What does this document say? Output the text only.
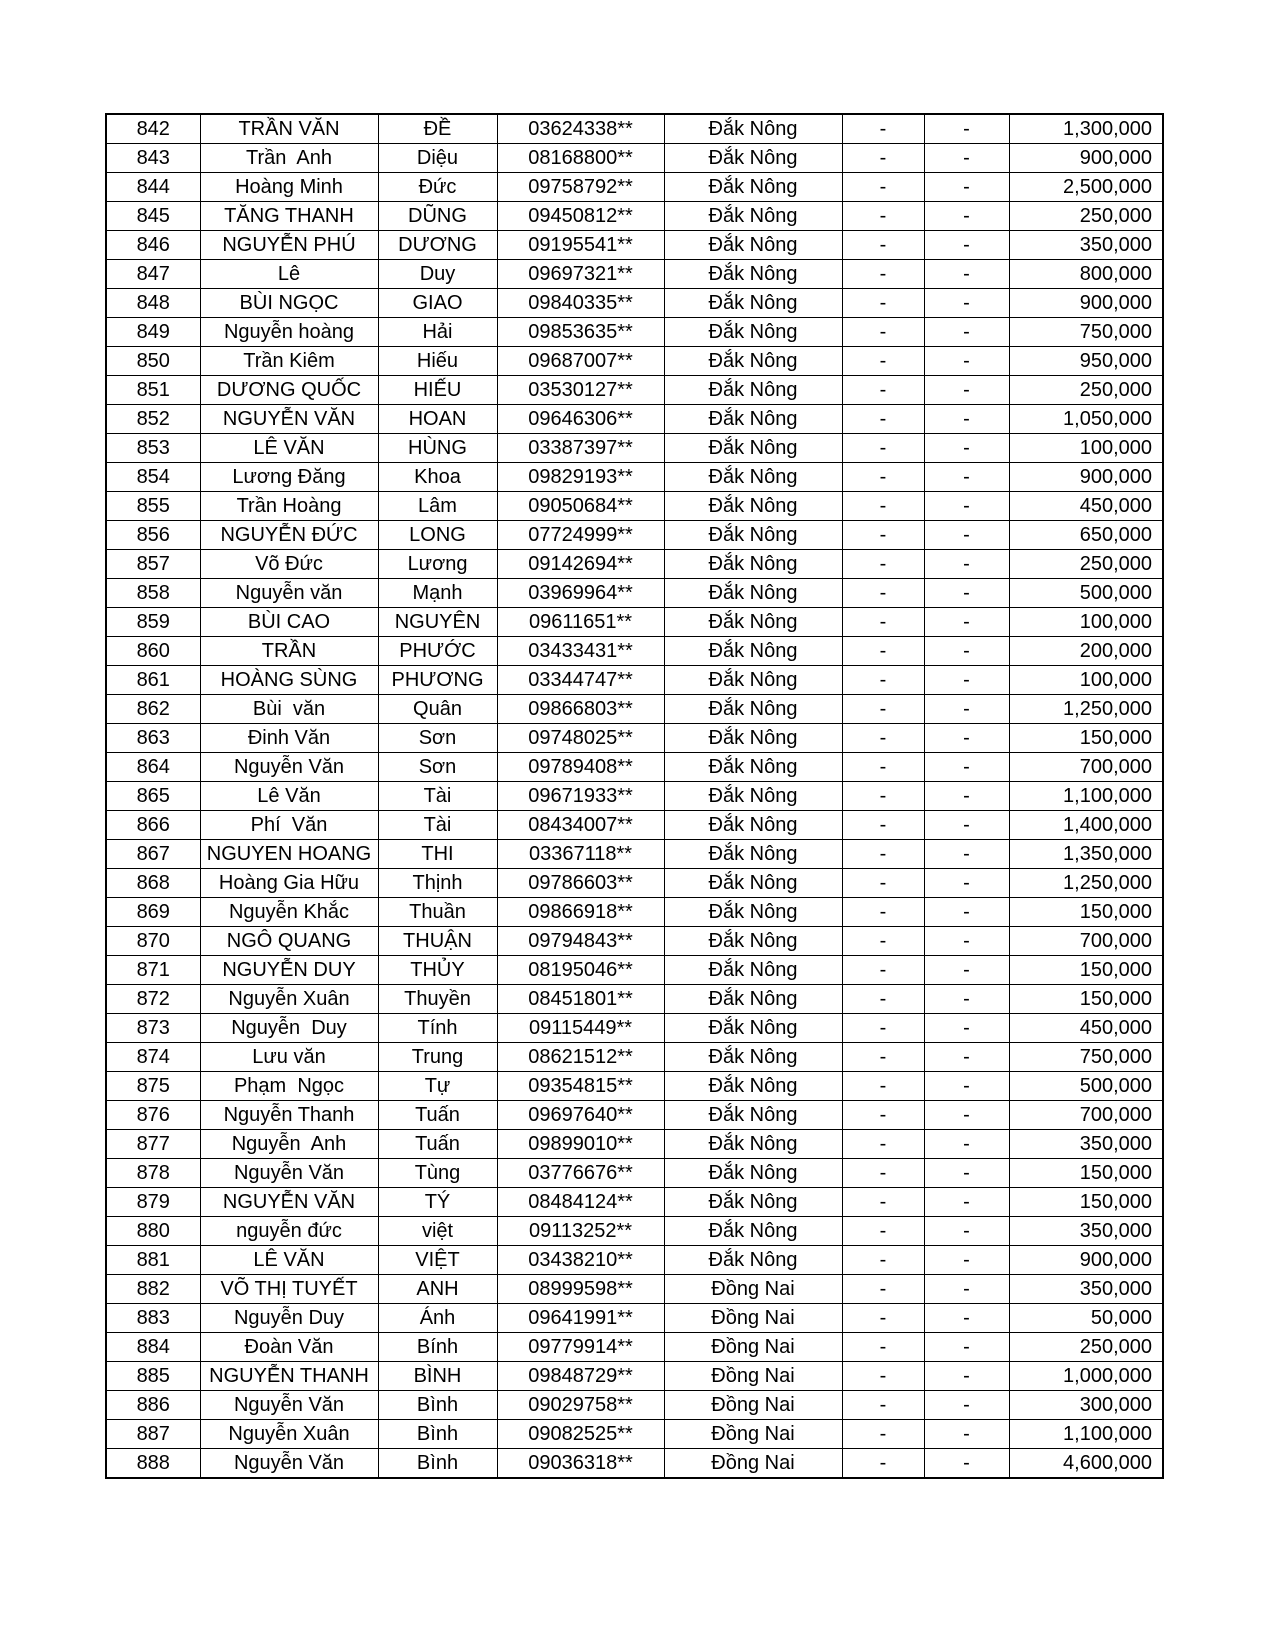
842	TRẦN VĂN	ĐỀ	03624338**	Đắk Nông	-	-	1,300,000
843	Trần  Anh	Diệu	08168800**	Đắk Nông	-	-	900,000
844	Hoàng Minh	Đức	09758792**	Đắk Nông	-	-	2,500,000
845	TĂNG THANH	DŨNG	09450812**	Đắk Nông	-	-	250,000
846	NGUYỄN PHÚ	DƯƠNG	09195541**	Đắk Nông	-	-	350,000
847	Lê	Duy	09697321**	Đắk Nông	-	-	800,000
848	BÙI NGỌC	GIAO	09840335**	Đắk Nông	-	-	900,000
849	Nguyễn hoàng	Hải	09853635**	Đắk Nông	-	-	750,000
850	Trần Kiêm	Hiếu	09687007**	Đắk Nông	-	-	950,000
851	DƯƠNG QUỐC	HIẾU	03530127**	Đắk Nông	-	-	250,000
852	NGUYỄN VĂN	HOAN	09646306**	Đắk Nông	-	-	1,050,000
853	LÊ VĂN	HÙNG	03387397**	Đắk Nông	-	-	100,000
854	Lương Đăng	Khoa	09829193**	Đắk Nông	-	-	900,000
855	Trần Hoàng	Lâm	09050684**	Đắk Nông	-	-	450,000
856	NGUYỄN ĐỨC	LONG	07724999**	Đắk Nông	-	-	650,000
857	Võ Đức	Lương	09142694**	Đắk Nông	-	-	250,000
858	Nguyễn văn	Mạnh	03969964**	Đắk Nông	-	-	500,000
859	BÙI CAO	NGUYÊN	09611651**	Đắk Nông	-	-	100,000
860	TRẦN	PHƯỚC	03433431**	Đắk Nông	-	-	200,000
861	HOÀNG SÙNG	PHƯƠNG	03344747**	Đắk Nông	-	-	100,000
862	Bùi  văn	Quân	09866803**	Đắk Nông	-	-	1,250,000
863	Đinh Văn	Sơn	09748025**	Đắk Nông	-	-	150,000
864	Nguyễn Văn	Sơn	09789408**	Đắk Nông	-	-	700,000
865	Lê Văn	Tài	09671933**	Đắk Nông	-	-	1,100,000
866	Phí  Văn	Tài	08434007**	Đắk Nông	-	-	1,400,000
867	NGUYEN HOANG	THI	03367118**	Đắk Nông	-	-	1,350,000
868	Hoàng Gia Hữu	Thịnh	09786603**	Đắk Nông	-	-	1,250,000
869	Nguyễn Khắc	Thuần	09866918**	Đắk Nông	-	-	150,000
870	NGÔ QUANG	THUẬN	09794843**	Đắk Nông	-	-	700,000
871	NGUYỄN DUY	THỦY	08195046**	Đắk Nông	-	-	150,000
872	Nguyễn Xuân	Thuyền	08451801**	Đắk Nông	-	-	150,000
873	Nguyễn  Duy	Tính	09115449**	Đắk Nông	-	-	450,000
874	Lưu văn	Trung	08621512**	Đắk Nông	-	-	750,000
875	Phạm  Ngọc	Tự	09354815**	Đắk Nông	-	-	500,000
876	Nguyễn Thanh	Tuấn	09697640**	Đắk Nông	-	-	700,000
877	Nguyễn  Anh	Tuấn	09899010**	Đắk Nông	-	-	350,000
878	Nguyễn Văn	Tùng	03776676**	Đắk Nông	-	-	150,000
879	NGUYỄN VĂN	TÝ	08484124**	Đắk Nông	-	-	150,000
880	nguyễn đức	việt	09113252**	Đắk Nông	-	-	350,000
881	LÊ VĂN	VIỆT	03438210**	Đắk Nông	-	-	900,000
882	VÕ THỊ TUYẾT	ANH	08999598**	Đồng Nai	-	-	350,000
883	Nguyễn Duy	Ánh	09641991**	Đồng Nai	-	-	50,000
884	Đoàn Văn	Bính	09779914**	Đồng Nai	-	-	250,000
885	NGUYỄN THANH	BÌNH	09848729**	Đồng Nai	-	-	1,000,000
886	Nguyễn Văn	Bình	09029758**	Đồng Nai	-	-	300,000
887	Nguyễn Xuân	Bình	09082525**	Đồng Nai	-	-	1,100,000
888	Nguyễn Văn	Bình	09036318**	Đồng Nai	-	-	4,600,000
